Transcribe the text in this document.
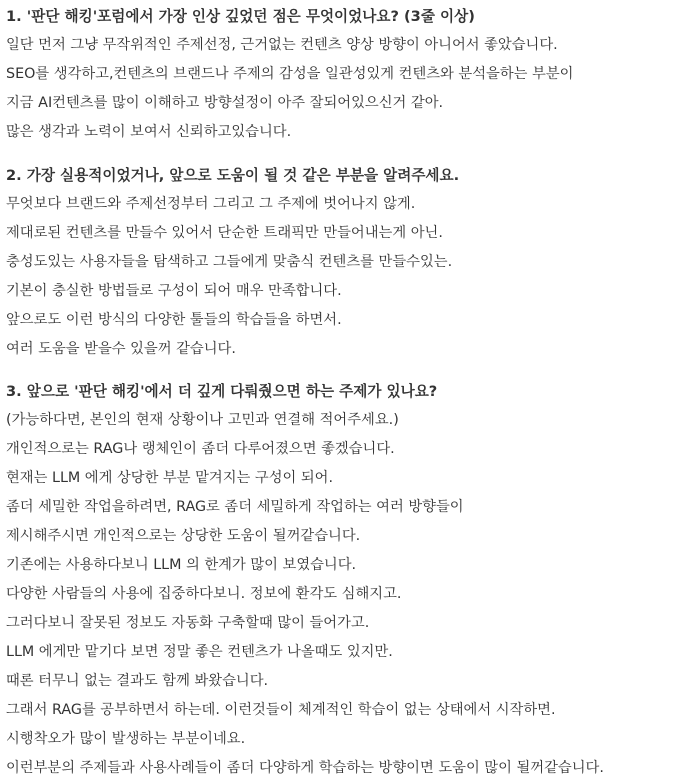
1. '판단 해킹'포럼에서 가장 인상 깊었던 점은 무엇이었나요? (3줄 이상)
일단 먼저 그냥 무작위적인 주제선정, 근거없는 컨텐츠 양상 방향이 아니어서 좋았습니다.
SEO를 생각하고,컨텐츠의 브랜드나 주제의 감성을 일관성있게 컨텐츠와 분석을하는 부분이
지금 AI컨텐츠를 많이 이해하고 방향설정이 아주 잘되어있으신거 같아.
많은 생각과 노력이 보여서 신뢰하고있습니다.
2. 가장 실용적이었거나, 앞으로 도움이 될 것 같은 부분을 알려주세요.
무엇보다 브랜드와 주제선정부터 그리고 그 주제에 벗어나지 않게.
제대로된 컨텐츠를 만들수 있어서 단순한 트래픽만 만들어내는게 아닌.
충성도있는 사용자들을 탐색하고 그들에게 맞춤식 컨텐츠를 만들수있는.
기본이 충실한 방법들로 구성이 되어 매우 만족합니다.
앞으로도 이런 방식의 다양한 툴들의 학습들을 하면서.
여러 도움을 받을수 있을꺼 같습니다.
3. 앞으로 '판단 해킹'에서 더 깊게 다뤄줬으면 하는 주제가 있나요?
(가능하다면, 본인의 현재 상황이나 고민과 연결해 적어주세요.)
개인적으로는 RAG나 랭체인이 좀더 다루어졌으면 좋겠습니다.
현재는 LLM 에게 상당한 부분 맡겨지는 구성이 되어.
좀더 세밀한 작업을하려면, RAG로 좀더 세밀하게 작업하는 여러 방향들이
제시해주시면 개인적으로는 상당한 도움이 될꺼같습니다.
기존에는 사용하다보니 LLM 의 한계가 많이 보였습니다.
다양한 사람들의 사용에 집중하다보니. 정보에 환각도 심해지고.
그러다보니 잘못된 정보도 자동화 구축할때 많이 들어가고.
LLM 에게만 맡기다 보면 정말 좋은 컨텐츠가 나올때도 있지만.
때론 터무니 없는 결과도 함께 봐왔습니다.
그래서 RAG를 공부하면서 하는데. 이런것들이 체계적인 학습이 없는 상태에서 시작하면.
시행착오가 많이 발생하는 부분이네요.
이런부분의 주제들과 사용사례들이 좀더 다양하게 학습하는 방향이면 도움이 많이 될꺼같습니다.
